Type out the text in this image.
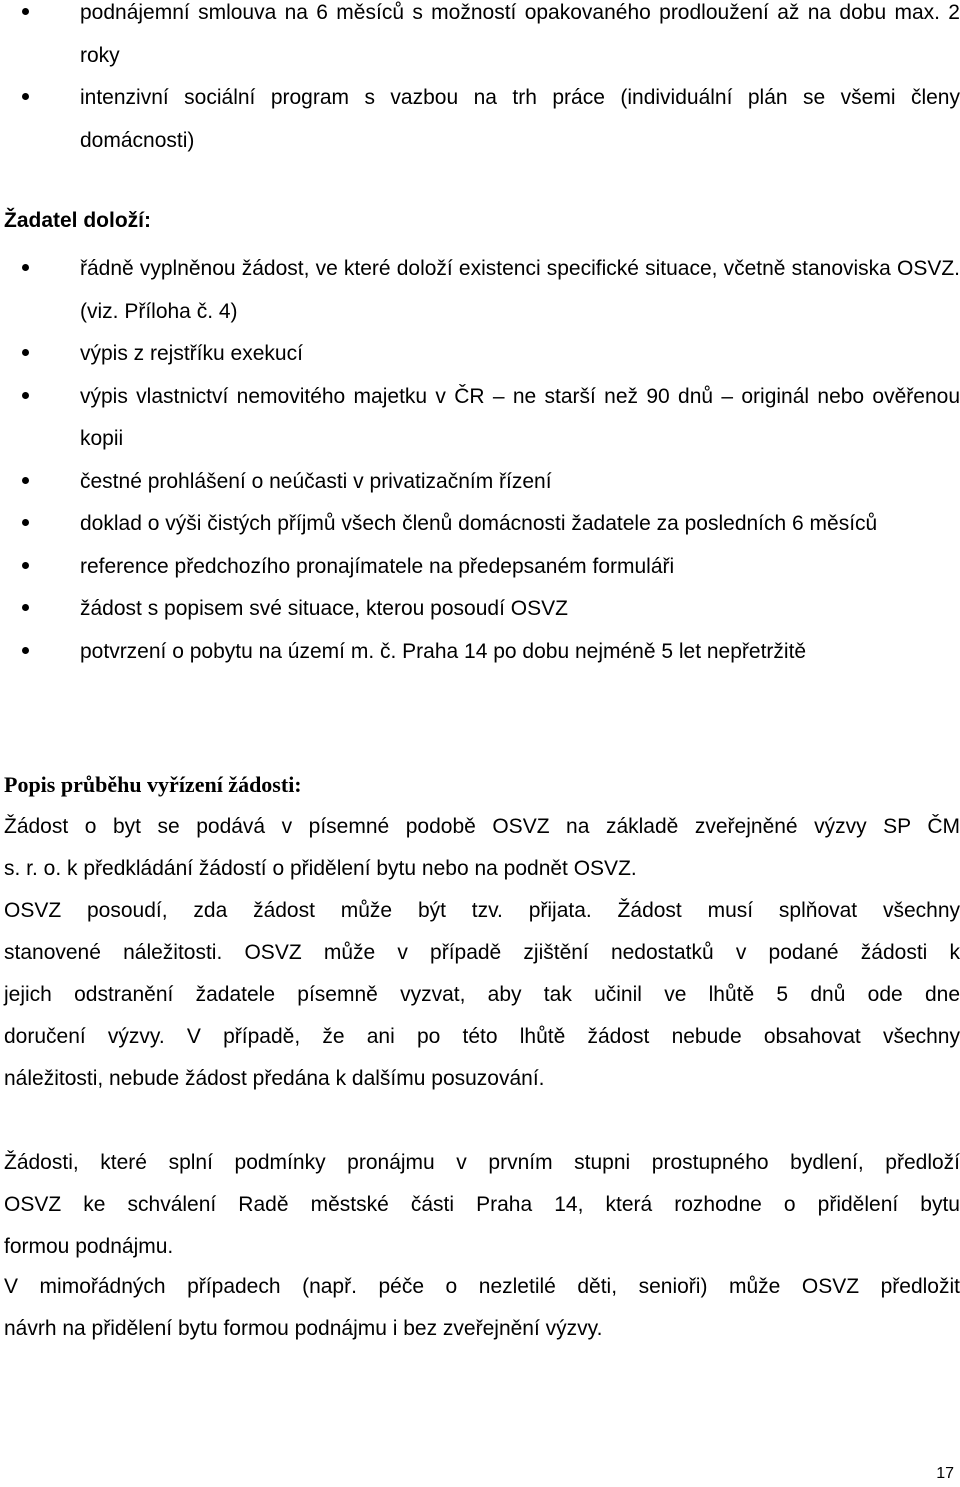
podnájemní smlouva na 6 měsíců s možností opakovaného prodloužení až na dobu max. 2 roky
intenzivní sociální program s vazbou na trh práce (individuální plán se všemi členy domácnosti)
Žadatel doloží:
řádně vyplněnou žádost, ve které doloží existenci specifické situace, včetně stanoviska OSVZ. (viz. Příloha č. 4)
výpis z rejstříku exekucí
výpis vlastnictví nemovitého majetku v ČR – ne starší než 90 dnů – originál nebo ověřenou kopii
čestné prohlášení o neúčasti v privatizačním řízení
doklad o výši čistých příjmů všech členů domácnosti žadatele za posledních 6 měsíců
reference předchozího pronajímatele na předepsaném formuláři
žádost s popisem své situace, kterou posoudí OSVZ
potvrzení o pobytu na území m. č. Praha 14 po dobu nejméně 5 let nepřetržitě
Popis průběhu vyřízení žádosti:

Žádost o byt se podává v písemné podobě OSVZ na základě zveřejněné výzvy SP ČM
s. r. o. k předkládání žádostí o přidělení bytu nebo na podnět OSVZ.

OSVZ posoudí, zda žádost může být tzv. přijata. Žádost musí splňovat všechny
stanovené náležitosti. OSVZ může v případě zjištění nedostatků v podané žádosti k
jejich odstranění žadatele písemně vyzvat, aby tak učinil ve lhůtě 5 dnů ode dne
doručení výzvy. V případě, že ani po této lhůtě žádost nebude obsahovat všechny
náležitosti, nebude žádost předána k dalšímu posuzování.

Žádosti, které splní podmínky pronájmu v prvním stupni prostupného bydlení, předloží
OSVZ ke schválení Radě městské části Praha 14, která rozhodne o přidělení bytu
formou podnájmu.

V mimořádných případech (např. péče o nezletilé děti, senioři) může OSVZ předložit
návrh na přidělení bytu formou podnájmu i bez zveřejnění výzvy.

17
